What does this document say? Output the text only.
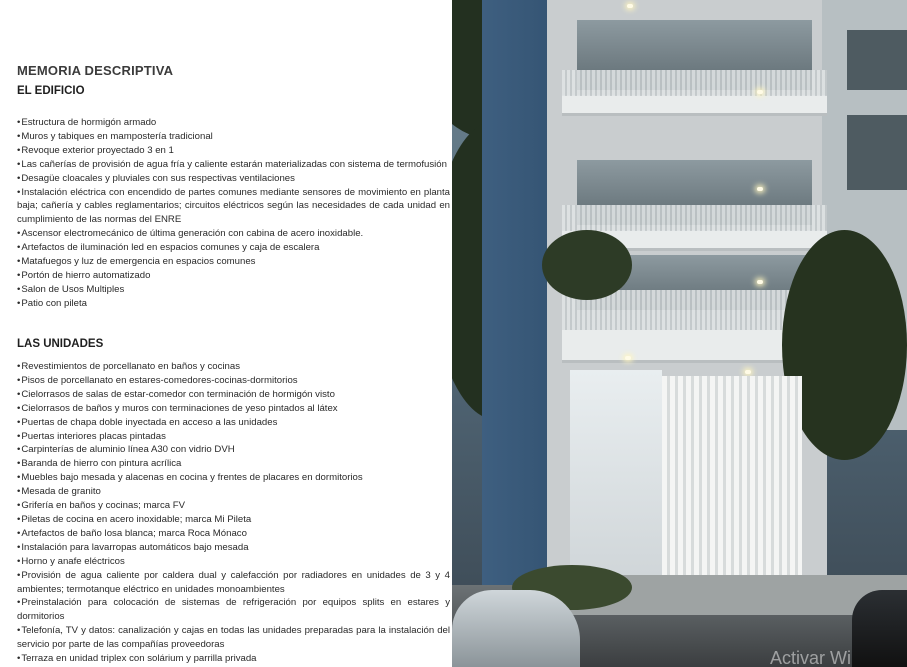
MEMORIA DESCRIPTIVA
EL EDIFICIO
•Estructura de hormigón armado
•Muros y tabiques en mampostería tradicional
•Revoque exterior proyectado 3 en 1
•Las cañerías de provisión de agua fría y caliente estarán materializadas con sistema de termofusión
•Desagüe cloacales y pluviales con sus respectivas ventilaciones
•Instalación eléctrica con encendido de partes comunes mediante sensores de movimiento en planta baja; cañería y cables reglamentarios; circuitos eléctricos según las necesidades de cada unidad en cumplimiento de las normas del ENRE
•Ascensor electromecánico de última generación con cabina de acero inoxidable.
•Artefactos de iluminación led en espacios comunes y caja de escalera
•Matafuegos y luz de emergencia en espacios comunes
•Portón de hierro automatizado
•Salon de Usos Multiples
•Patio con pileta
LAS UNIDADES
•Revestimientos de porcellanato en baños y cocinas
•Pisos de porcellanato en estares-comedores-cocinas-dormitorios
•Cielorrasos de salas de estar-comedor con terminación de hormigón visto
•Cielorrasos de baños y muros con terminaciones de yeso pintados al látex
•Puertas de chapa doble inyectada en acceso a las unidades
•Puertas interiores placas pintadas
•Carpinterías de aluminio línea A30 con vidrio DVH
•Baranda de hierro con pintura acrílica
•Muebles bajo mesada y alacenas en cocina y frentes de placares en dormitorios
•Mesada de granito
•Grifería en baños y cocinas; marca FV
•Piletas de cocina en acero inoxidable; marca Mi Pileta
•Artefactos de baño losa blanca; marca Roca Mónaco
•Instalación para lavarropas automáticos bajo mesada
•Horno y anafe eléctricos
•Provisión de agua caliente por caldera dual y calefacción por radiadores en unidades de 3 y 4 ambientes; termotanque eléctrico en unidades monoambientes
•Preinstalación para colocación de sistemas de refrigeración por equipos splits en estares y dormitorios
•Telefonía, TV y datos: canalización y cajas en todas las unidades preparadas para la instalación del servicio por parte de las compañías proveedoras
•Terraza en unidad triplex con solárium y parrilla privada	Activar Wi
